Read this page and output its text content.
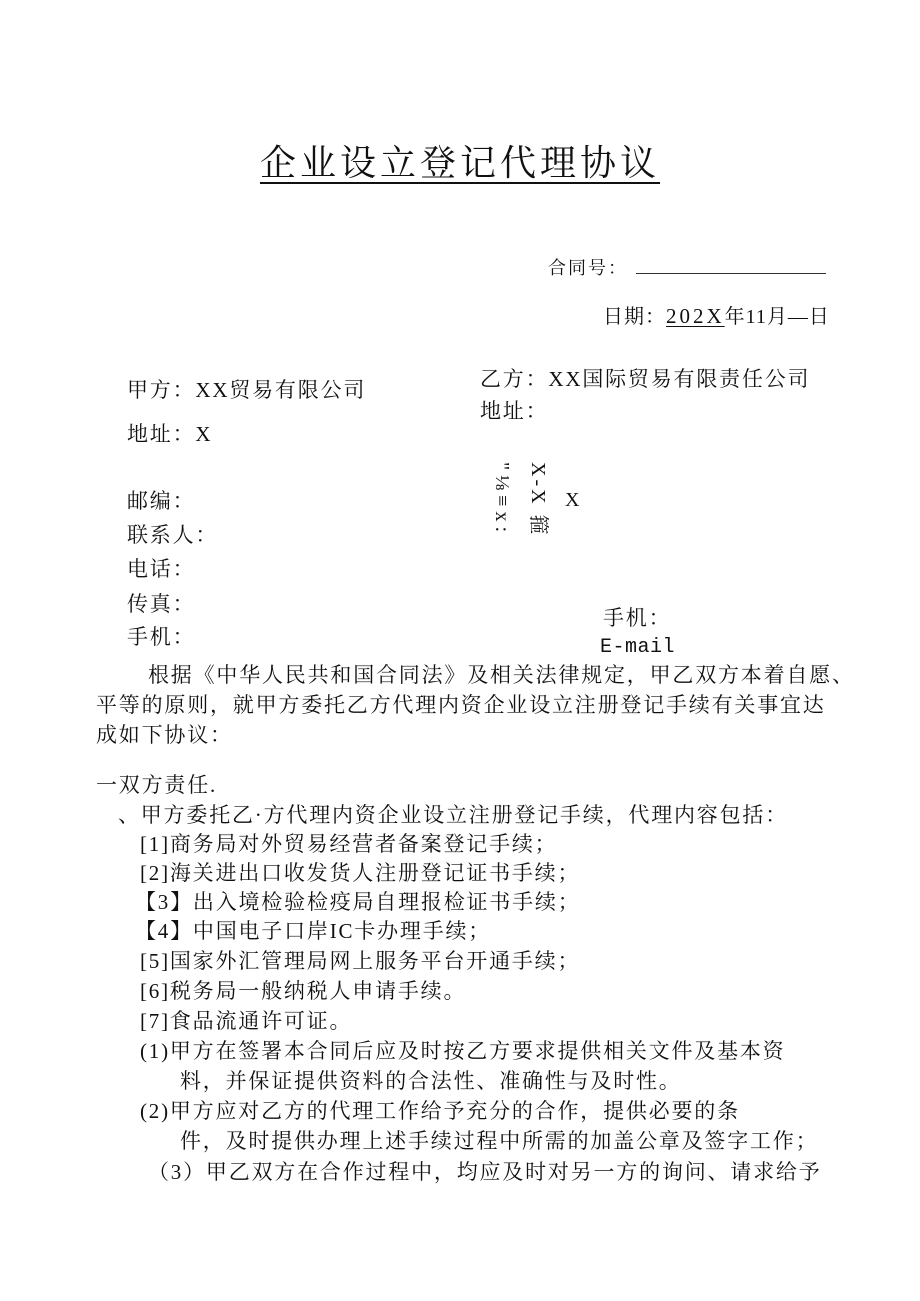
企业设立登记代理协议
合同号：
日期：202X年11月—日
甲方：XX贸易有限公司
地址：X
邮编：
联系人：
电话：
传真：
手机：
乙方：XX国际贸易有限责任公司
地址：
"⅛≡x: X-X 箍 X
手机：
E-mail
根据《中华人民共和国合同法》及相关法律规定，甲乙双方本着自愿、
平等的原则，就甲方委托乙方代理内资企业设立注册登记手续有关事宜达
成如下协议：
一双方责任.
、甲方委托乙·方代理内资企业设立注册登记手续，代理内容包括：
[1]商务局对外贸易经营者备案登记手续；
[2]海关进出口收发货人注册登记证书手续；
【3】出入境检验检疫局自理报检证书手续；
【4】中国电子口岸IC卡办理手续；
[5]国家外汇管理局网上服务平台开通手续；
[6]税务局一般纳税人申请手续。
[7]食品流通许可证。
(1)甲方在签署本合同后应及时按乙方要求提供相关文件及基本资
料，并保证提供资料的合法性、准确性与及时性。
(2)甲方应对乙方的代理工作给予充分的合作，提供必要的条
件，及时提供办理上述手续过程中所需的加盖公章及签字工作；
（3）甲乙双方在合作过程中，均应及时对另一方的询问、请求给予
